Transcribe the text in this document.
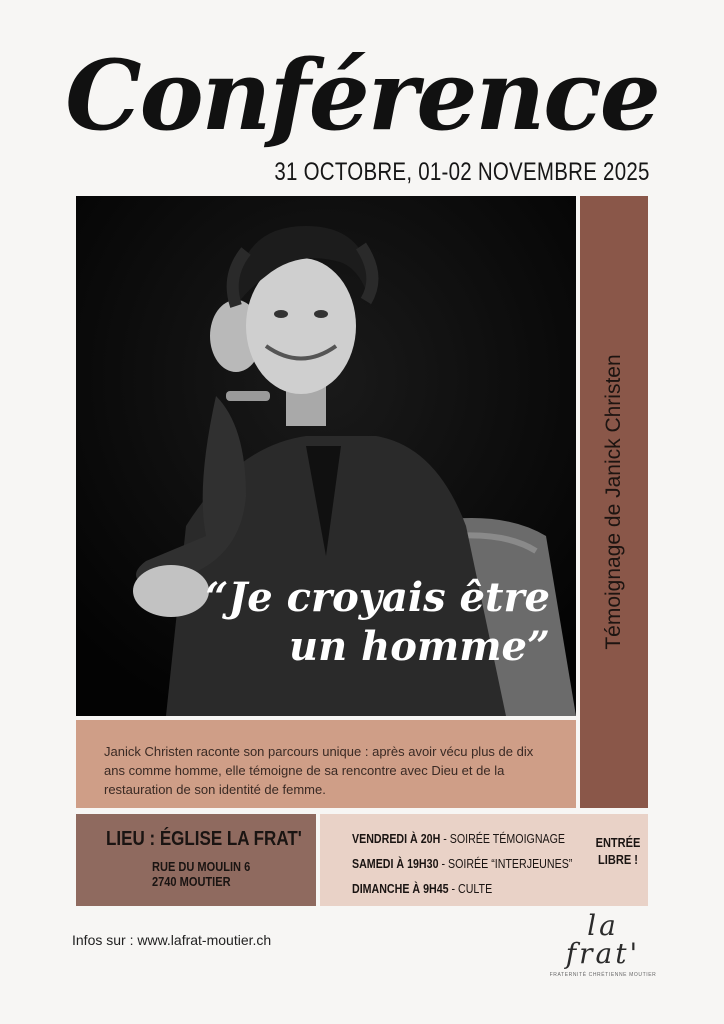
Conférence
31 OCTOBRE, 01-02 NOVEMBRE 2025
“Je croyais être
un homme” Témoignage de Janick Christen
Janick Christen raconte son parcours unique : après avoir vécu plus de dix ans comme homme, elle témoigne de sa rencontre avec Dieu et de la restauration de son identité de femme.
LIEU : ÉGLISE LA FRAT'
RUE DU MOULIN 6
2740 MOUTIER
VENDREDI À 20H - SOIRÉE TÉMOIGNAGE
SAMEDI À 19H30 - SOIRÉE “INTERJEUNES”
DIMANCHE À 9H45 - CULTE
ENTRÉE
LIBRE !
Infos sur : www.lafrat-moutier.ch	la frat'
FRATERNITÉ CHRÉTIENNE MOUTIER
